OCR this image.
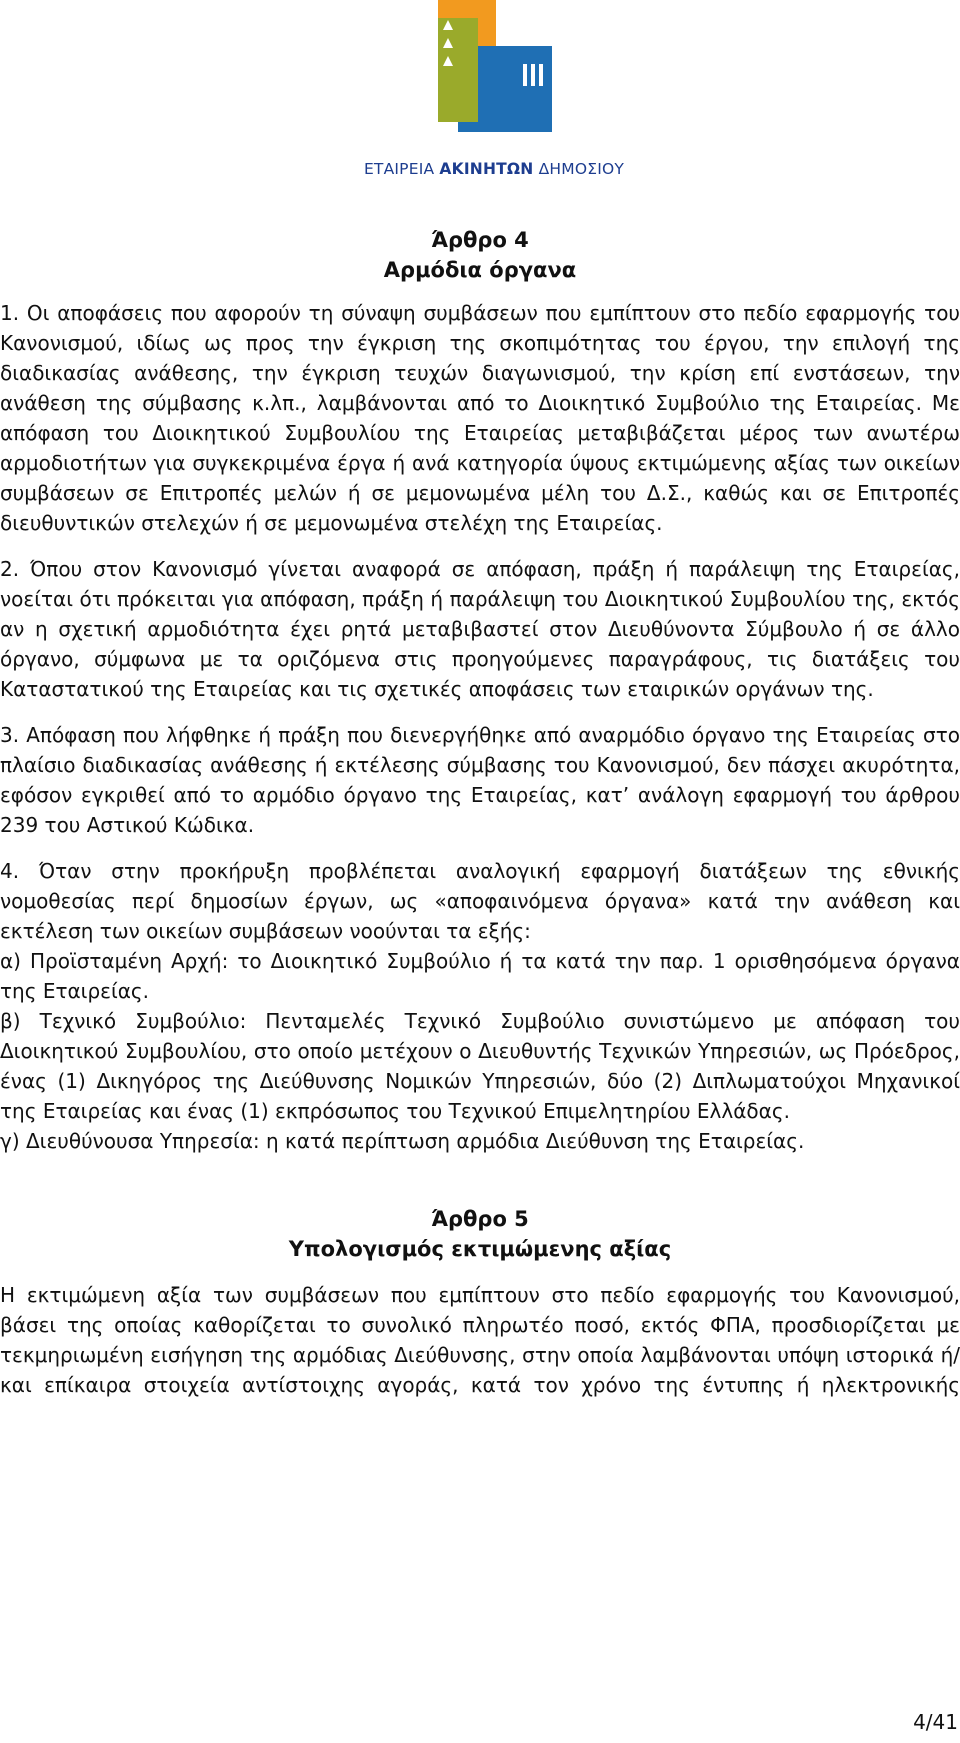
ΕΤΑΙΡΕΙΑ ΑΚΙΝΗΤΩΝ ΔΗΜΟΣΙΟΥ
Άρθρο 4
Αρμόδια όργανα

1. Οι αποφάσεις που αφορούν τη σύναψη συμβάσεων που εμπίπτουν στο πεδίο εφαρμογής του Κανονισμού, ιδίως ως προς την έγκριση της σκοπιμότητας του έργου, την επιλογή της διαδικασίας ανάθεσης, την έγκριση τευχών διαγωνισμού, την κρίση επί ενστάσεων, την ανάθεση της σύμβασης κ.λπ., λαμβάνονται από το Διοικητικό Συμβούλιο της Εταιρείας. Με απόφαση του Διοικητικού Συμβουλίου της Εταιρείας μεταβιβάζεται μέρος των ανωτέρω αρμοδιοτήτων για συγκεκριμένα έργα ή ανά κατηγορία ύψους εκτιμώμενης αξίας των οικείων συμβάσεων σε Επιτροπές μελών ή σε μεμονωμένα μέλη του Δ.Σ., καθώς και σε Επιτροπές διευθυντικών στελεχών ή σε μεμονωμένα στελέχη της Εταιρείας.

2. Όπου στον Κανονισμό γίνεται αναφορά σε απόφαση, πράξη ή παράλειψη της Εταιρείας, νοείται ότι πρόκειται για απόφαση, πράξη ή παράλειψη του Διοικητικού Συμβουλίου της, εκτός αν η σχετική αρμοδιότητα έχει ρητά μεταβιβαστεί στον Διευθύνοντα Σύμβουλο ή σε άλλο όργανο, σύμφωνα με τα οριζόμενα στις προηγούμενες παραγράφους, τις διατάξεις του Καταστατικού της Εταιρείας και τις σχετικές αποφάσεις των εταιρικών οργάνων της.

3. Απόφαση που λήφθηκε ή πράξη που διενεργήθηκε από αναρμόδιο όργανο της Εταιρείας στο πλαίσιο διαδικασίας ανάθεσης ή εκτέλεσης σύμβασης του Κανονισμού, δεν πάσχει ακυρότητα, εφόσον εγκριθεί από το αρμόδιο όργανο της Εταιρείας, κατ’ ανάλογη εφαρμογή του άρθρου 239 του Αστικού Κώδικα.

4. Όταν στην προκήρυξη προβλέπεται αναλογική εφαρμογή διατάξεων της εθνικής νομοθεσίας περί δημοσίων έργων, ως «αποφαινόμενα όργανα» κατά την ανάθεση και εκτέλεση των οικείων συμβάσεων νοούνται τα εξής:

α) Προϊσταμένη Αρχή: το Διοικητικό Συμβούλιο ή τα κατά την παρ. 1 ορισθησόμενα όργανα της Εταιρείας.

β) Τεχνικό Συμβούλιο: Πενταμελές Τεχνικό Συμβούλιο συνιστώμενο με απόφαση του Διοικητικού Συμβουλίου, στο οποίο μετέχουν ο Διευθυντής Τεχνικών Υπηρεσιών, ως Πρόεδρος, ένας (1) Δικηγόρος της Διεύθυνσης Νομικών Υπηρεσιών, δύο (2) Διπλωματούχοι Μηχανικοί της Εταιρείας και ένας (1) εκπρόσωπος του Τεχνικού Επιμελητηρίου Ελλάδας.

γ) Διευθύνουσα Υπηρεσία: η κατά περίπτωση αρμόδια Διεύθυνση της Εταιρείας.

Άρθρο 5
Υπολογισμός εκτιμώμενης αξίας

Η εκτιμώμενη αξία των συμβάσεων που εμπίπτουν στο πεδίο εφαρμογής του Κανονισμού, βάσει της οποίας καθορίζεται το συνολικό πληρωτέο ποσό, εκτός ΦΠΑ, προσδιορίζεται με τεκμηριωμένη εισήγηση της αρμόδιας Διεύθυνσης, στην οποία λαμβάνονται υπόψη ιστορικά ή/και επίκαιρα στοιχεία αντίστοιχης αγοράς, κατά τον χρόνο της έντυπης ή ηλεκτρονικής

4/41
